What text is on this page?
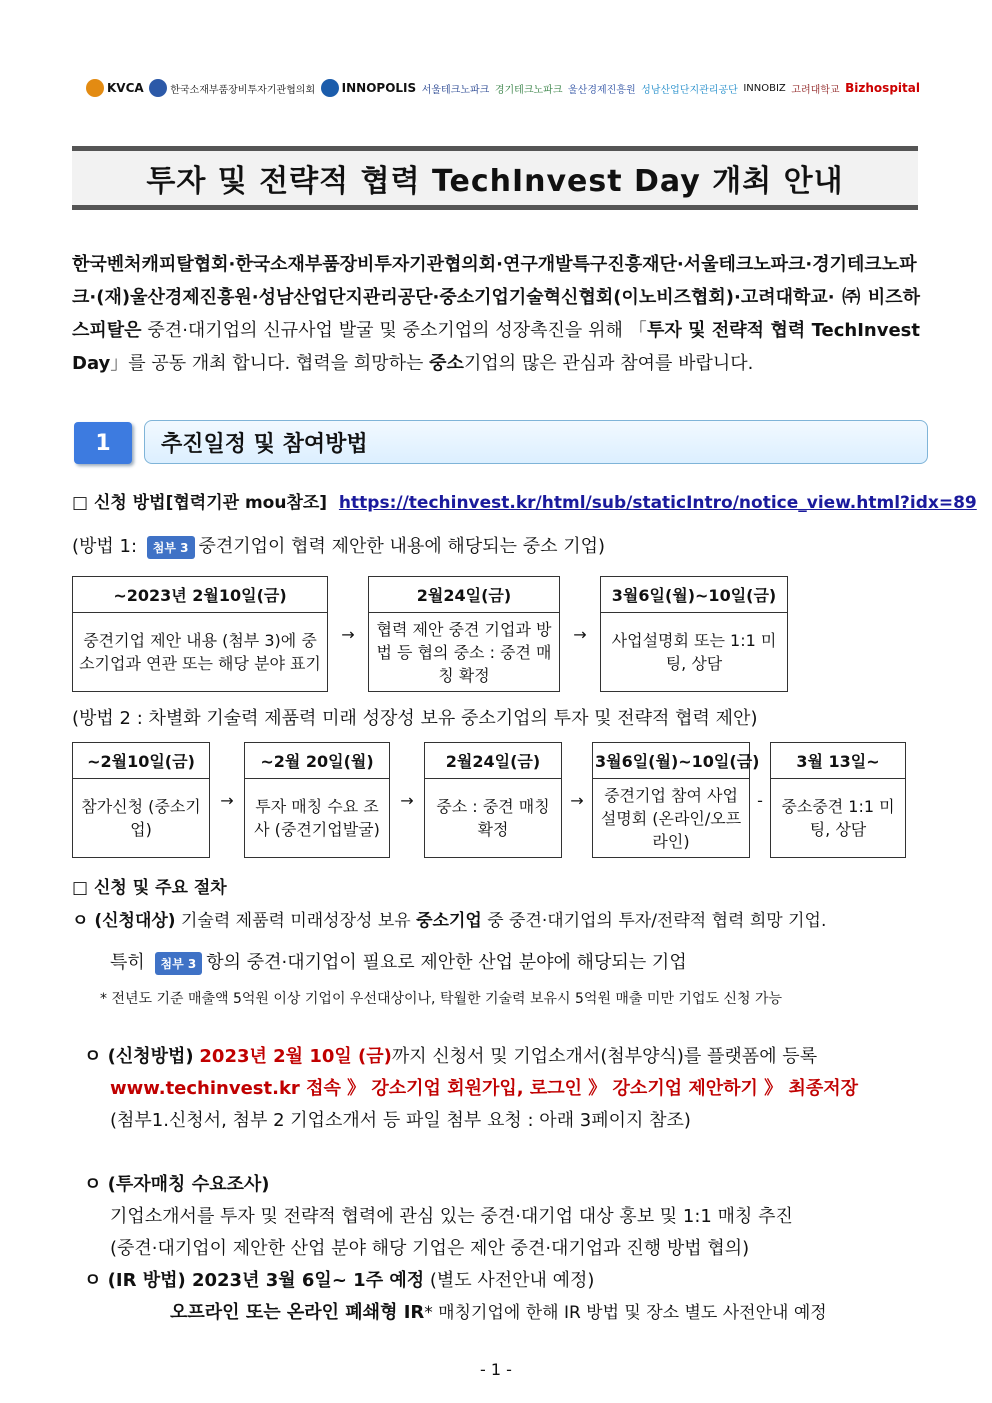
KVCA	한국소재부품장비투자기관협의회 INNOPOLIS 서울테크노파크 경기테크노파크 울산경제진흥원 성남산업단지관리공단 INNOBIZ 고려대학교 Bizhospital
투자 및 전략적 협력 TechInvest Day 개최 안내
한국벤처캐피탈협회·한국소재부품장비투자기관협의회·연구개발특구진흥재단·서울테크노파크·경기테크노파크·(재)울산경제진흥원·성남산업단지관리공단·중소기업기술혁신협회(이노비즈협회)·고려대학교·㈜비즈하스피탈은 중견·대기업의 신규사업 발굴 및 중소기업의 성장촉진을 위해 「투자 및 전략적 협력 TechInvest Day」를 공동 개최 합니다. 협력을 희망하는 중소기업의 많은 관심과 참여를 바랍니다.
1	추진일정 및 참여방법
□ 신청 방법[협력기관 mou참조] https://techinvest.kr/html/sub/staticIntro/notice_view.html?idx=89
(방법 1: 첨부 3 중견기업이 협력 제안한 내용에 해당되는 중소 기업)
~2023년 2월10일(금)
중견기업 제안 내용 (첨부 3)에 중소기업과 연관 또는 해당 분야 표기
→
2월24일(금)
협력 제안 중견 기업과 방법 등 협의 중소 : 중견 매칭 확정
→
3월6일(월)~10일(금)
사업설명회 또는 1:1 미팅, 상담
(방법 2 : 차별화 기술력 제품력 미래 성장성 보유 중소기업의 투자 및 전략적 협력 제안)
~2월10일(금)
참가신청 (중소기업)
→
~2월 20일(월)
투자 매칭 수요 조사 (중견기업발굴)
→
2월24일(금)
중소 : 중견 매칭 확정
→
3월6일(월)~10일(금)
중견기업 참여 사업설명회 (온라인/오프라인)
-
3월 13일~
중소중견 1:1 미팅, 상담
□ 신청 및 주요 절차
ㅇ (신청대상) 기술력 제품력 미래성장성 보유 중소기업 중 중견·대기업의 투자/전략적 협력 희망 기업.
특히 첨부 3 항의 중견·대기업이 필요로 제안한 산업 분야에 해당되는 기업
* 전년도 기준 매출액 5억원 이상 기업이 우선대상이나, 탁월한 기술력 보유시 5억원 매출 미만 기업도 신청 가능
ㅇ (신청방법) 2023년 2월 10일 (금)까지 신청서 및 기업소개서(첨부양식)를 플랫폼에 등록
www.techinvest.kr 접속 》 강소기업 회원가입, 로그인 》 강소기업 제안하기 》 최종저장
(첨부1.신청서, 첨부 2 기업소개서 등 파일 첨부 요청 : 아래 3페이지 참조)
ㅇ (투자매칭 수요조사)
기업소개서를 투자 및 전략적 협력에 관심 있는 중견·대기업 대상 홍보 및 1:1 매칭 추진
(중견·대기업이 제안한 산업 분야 해당 기업은 제안 중견·대기업과 진행 방법 협의)
ㅇ (IR 방법) 2023년 3월 6일~ 1주 예정 (별도 사전안내 예정)
오프라인 또는 온라인 폐쇄형 IR* 매칭기업에 한해 IR 방법 및 장소 별도 사전안내 예정
- 1 -
